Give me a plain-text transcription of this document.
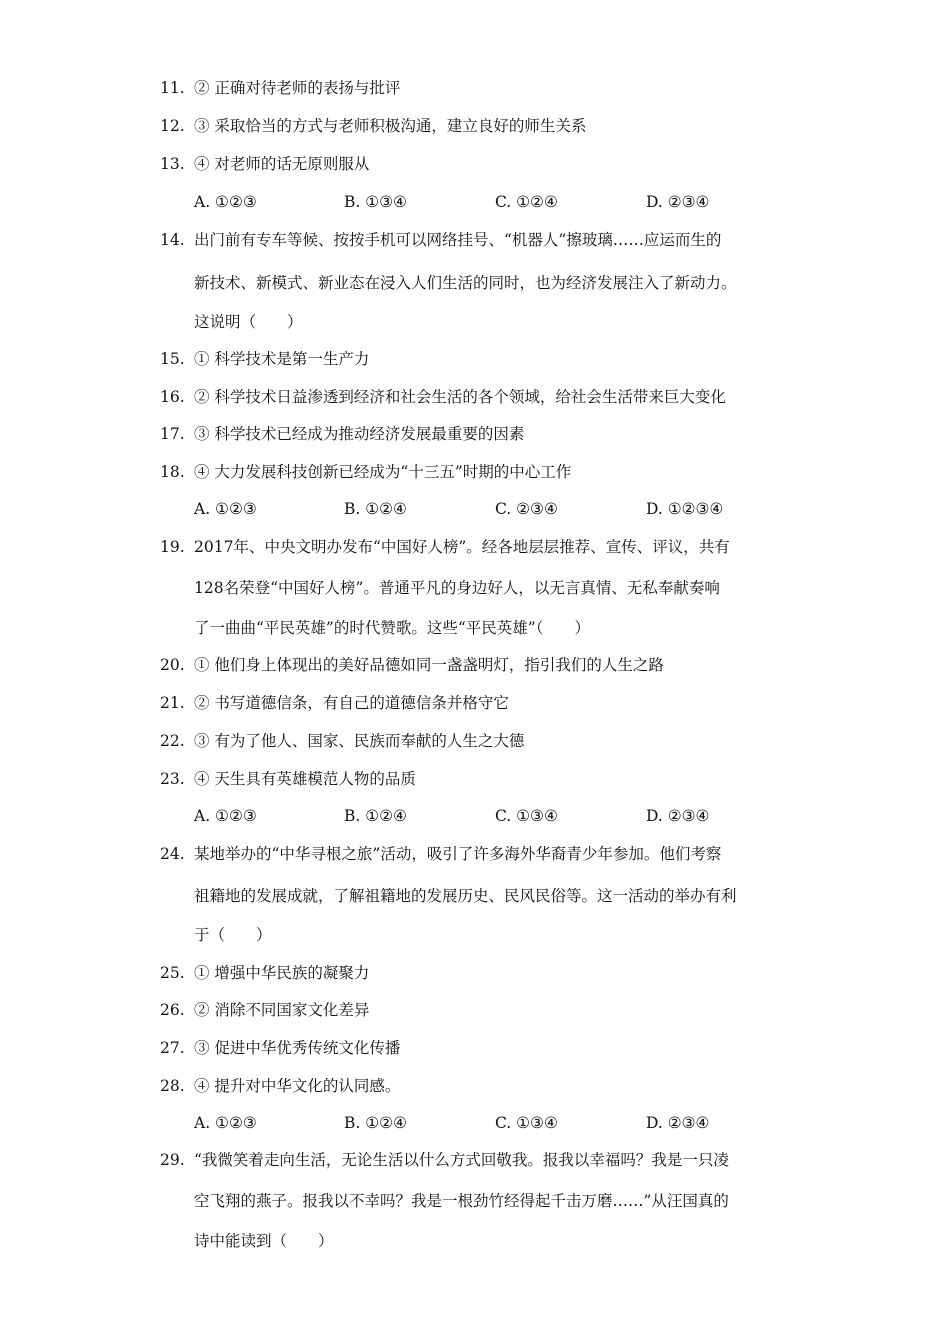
11. ② 正确对待老师的表扬与批评
12. ③ 采取恰当的方式与老师积极沟通，建立良好的师生关系
13. ④ 对老师的话无原则服从
A. ①②③	B. ①③④	C. ①②④	D. ②③④
14. 出门前有专车等候、按按手机可以网络挂号、“机器人”擦玻璃……应运而生的
新技术、新模式、新业态在浸入人们生活的同时，也为经济发展注入了新动力。
这说明（　　）
15. ① 科学技术是第一生产力
16. ② 科学技术日益渗透到经济和社会生活的各个领域，给社会生活带来巨大变化
17. ③ 科学技术已经成为推动经济发展最重要的因素
18. ④ 大力发展科技创新已经成为“十三五”时期的中心工作
A. ①②③	B. ①②④	C. ②③④	D. ①②③④
19. 2017年、中央文明办发布“中国好人榜”。经各地层层推荐、宣传、评议，共有
128名荣登“中国好人榜”。普通平凡的身边好人，以无言真情、无私奉献奏响
了一曲曲“平民英雄”的时代赞歌。这些“平民英雄”（　　）
20. ① 他们身上体现出的美好品德如同一盏盏明灯，指引我们的人生之路
21. ② 书写道德信条，有自己的道德信条并格守它
22. ③ 有为了他人、国家、民族而奉献的人生之大德
23. ④ 天生具有英雄模范人物的品质
A. ①②③	B. ①②④	C. ①③④	D. ②③④
24. 某地举办的“中华寻根之旅”活动，吸引了许多海外华裔青少年参加。他们考察
祖籍地的发展成就，了解祖籍地的发展历史、民风民俗等。这一活动的举办有利
于（　　）
25. ① 增强中华民族的凝聚力
26. ② 消除不同国家文化差异
27. ③ 促进中华优秀传统文化传播
28. ④ 提升对中华文化的认同感。
A. ①②③	B. ①②④	C. ①③④	D. ②③④
29. “我微笑着走向生活，无论生活以什么方式回敬我。报我以幸福吗？我是一只凌
空飞翔的燕子。报我以不幸吗？我是一根劲竹经得起千击万磨……”从汪国真的
诗中能读到（　　）
